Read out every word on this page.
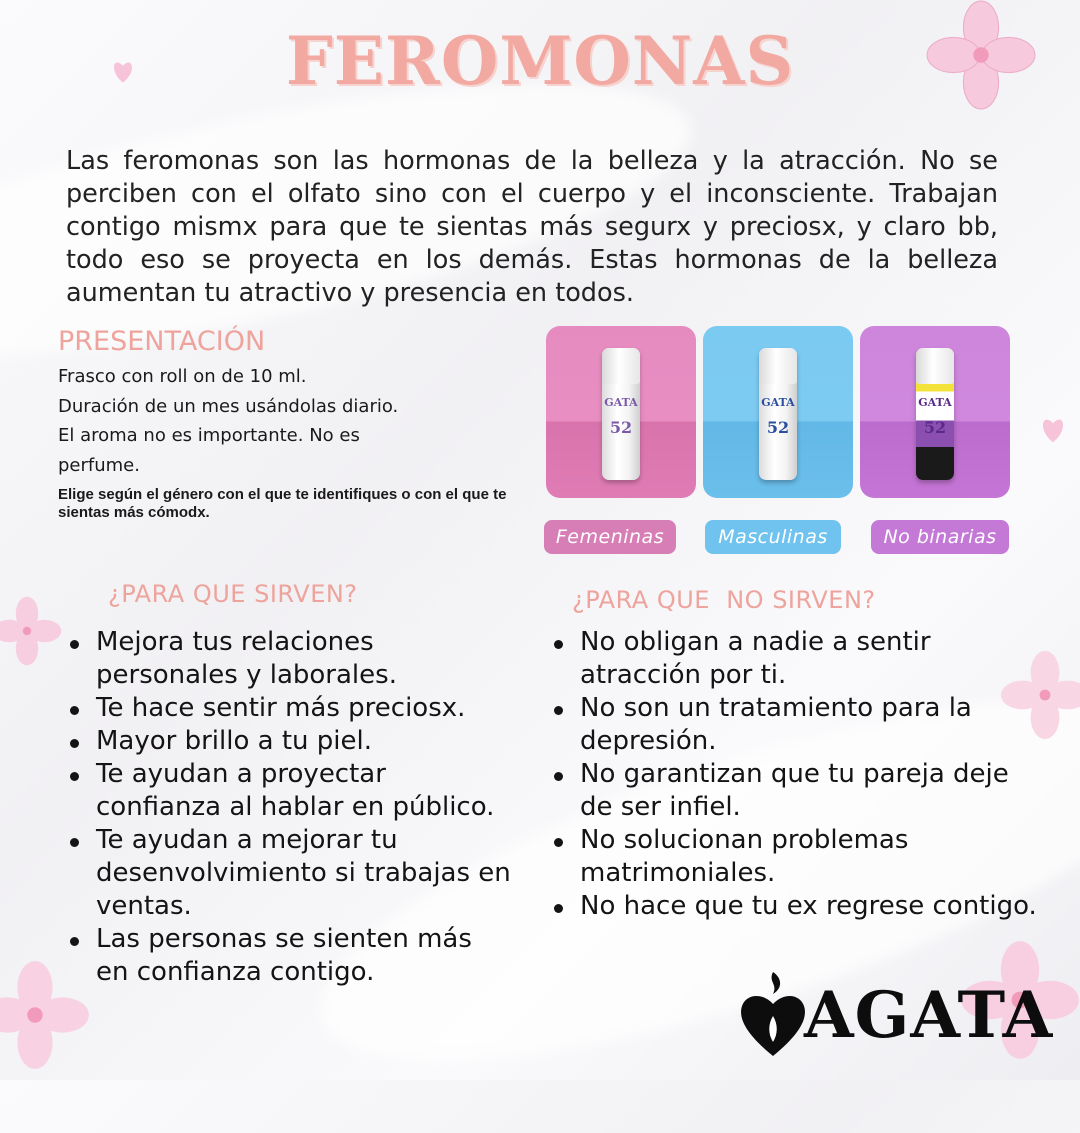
FEROMONAS
Las feromonas son las hormonas de la belleza y la atracción. No se perciben con el olfato sino con el cuerpo y el inconsciente. Trabajan contigo mismx para que te sientas más segurx y preciosx, y claro bb, todo eso se proyecta en los demás. Estas hormonas de la belleza aumentan tu atractivo y presencia en todos.
PRESENTACIÓN
Frasco con roll on de 10 ml.
Duración de un mes usándolas diario.
El aroma no es importante. No es perfume.
Elige según el género con el que te identifiques o con el que te sientas más cómodx.
GATA
52
GATA
52
GATA
52
Femeninas	Masculinas	No binarias
¿PARA QUE SIRVEN?
Mejora tus relaciones personales y laborales.
Te hace sentir más preciosx.
Mayor brillo a tu piel.
Te ayudan a proyectar confianza al hablar en público.
Te ayudan a mejorar tu desenvolvimiento si trabajas en ventas.
Las personas se sienten más en confianza contigo.
¿PARA QUE  NO SIRVEN?
No obligan a nadie a sentir atracción por ti.
No son un tratamiento para la depresión.
No garantizan que tu pareja deje de ser infiel.
No solucionan problemas matrimoniales.
No hace que tu ex regrese contigo.
AGATA
